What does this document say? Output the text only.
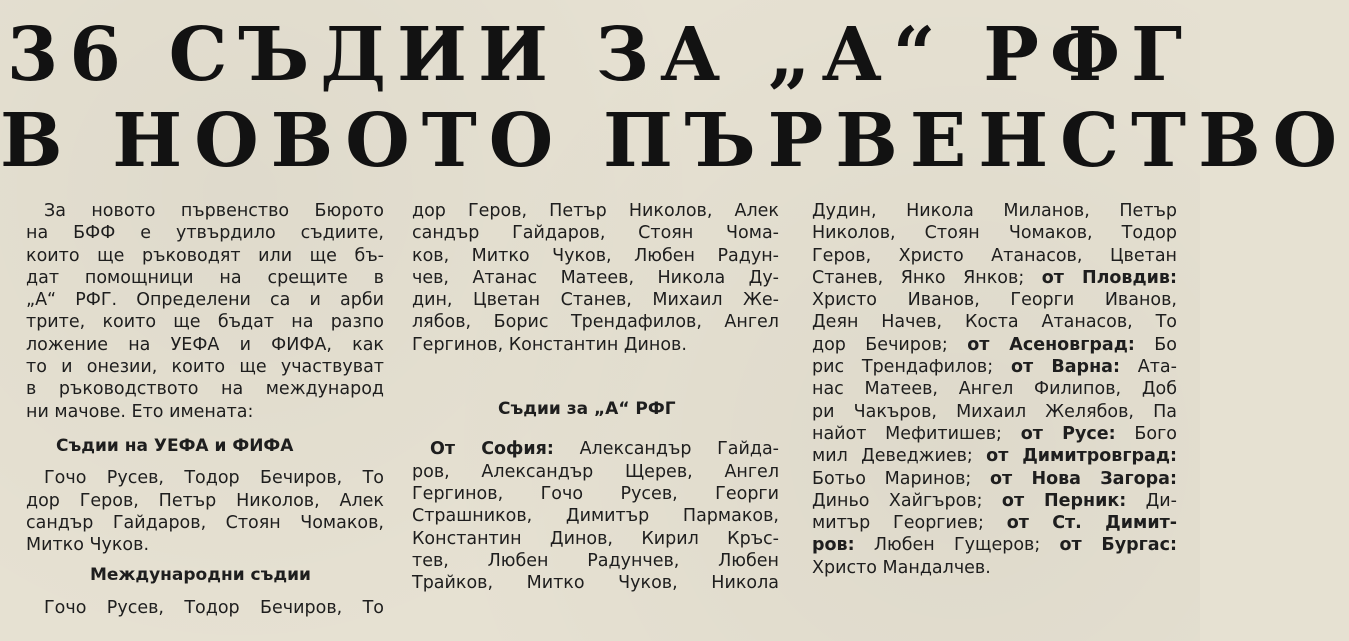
36 СЪДИИ ЗА „А“ РФГ
В НОВОТО ПЪРВЕНСТВО
За новото първенство Бюрото
на БФФ е утвърдило съдиите,
които ще ръководят или ще бъ-
дат помощници на срещите в
„А“ РФГ. Определени са и арби
трите, които ще бъдат на разпо
ложение на УЕФА и ФИФА, как
то и онезии, които ще участвуват
в ръководството на международ
ни мачове. Ето имената:
Съдии на УЕФА и ФИФА
Гочо Русев, Тодор Бечиров, То
дор Геров, Петър Николов, Алек
сандър Гайдаров, Стоян Чомаков,
Митко Чуков.
Международни съдии
Гочо Русев, Тодор Бечиров, То
дор Геров, Петър Николов, Алек
сандър Гайдаров, Стоян Чома-
ков, Митко Чуков, Любен Радун-
чев, Атанас Матеев, Никола Ду-
дин, Цветан Станев, Михаил Же-
лябов, Борис Трендафилов, Ангел
Гергинов, Константин Динов.
Съдии за „А“ РФГ
От София: Александър Гайда-
ров, Александър Щерев, Ангел
Гергинов, Гочо Русев, Георги
Страшников, Димитър Пармаков,
Константин Динов, Кирил Кръс-
тев, Любен Радунчев, Любен
Трайков, Митко Чуков, Никола
Дудин, Никола Миланов, Петър
Николов, Стоян Чомаков, Тодор
Геров, Христо Атанасов, Цветан
Станев, Янко Янков; от Пловдив:
Христо Иванов, Георги Иванов,
Деян Начев, Коста Атанасов, То
дор Бечиров; от Асеновград: Бо
рис Трендафилов; от Варна: Ата-
нас Матеев, Ангел Филипов, Доб
ри Чакъров, Михаил Желябов, Па
найот Мефитишев; от Русе: Бого
мил Деведжиев; от Димитровград:
Ботьо Маринов; от Нова Загора:
Диньо Хайгъров; от Перник: Ди-
митър Георгиев; от Ст. Димит-
ров: Любен Гущеров; от Бургас:
Христо Мандалчев.
